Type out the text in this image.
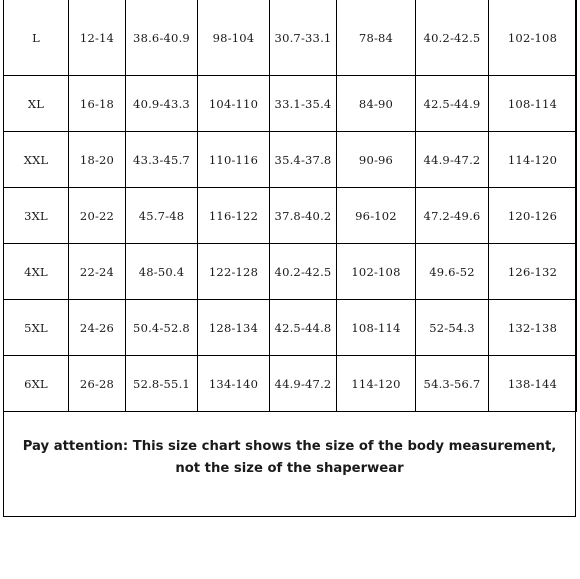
L	12-14	38.6-40.9	98-104	30.7-33.1	78-84	40.2-42.5	102-108
XL	16-18	40.9-43.3	104-110	33.1-35.4	84-90	42.5-44.9	108-114
XXL	18-20	43.3-45.7	110-116	35.4-37.8	90-96	44.9-47.2	114-120
3XL	20-22	45.7-48	116-122	37.8-40.2	96-102	47.2-49.6	120-126
4XL	22-24	48-50.4	122-128	40.2-42.5	102-108	49.6-52	126-132
5XL	24-26	50.4-52.8	128-134	42.5-44.8	108-114	52-54.3	132-138
6XL	26-28	52.8-55.1	134-140	44.9-47.2	114-120	54.3-56.7	138-144
Pay attention: This size chart shows the size of the body measurement, not the size of the shaperwear
